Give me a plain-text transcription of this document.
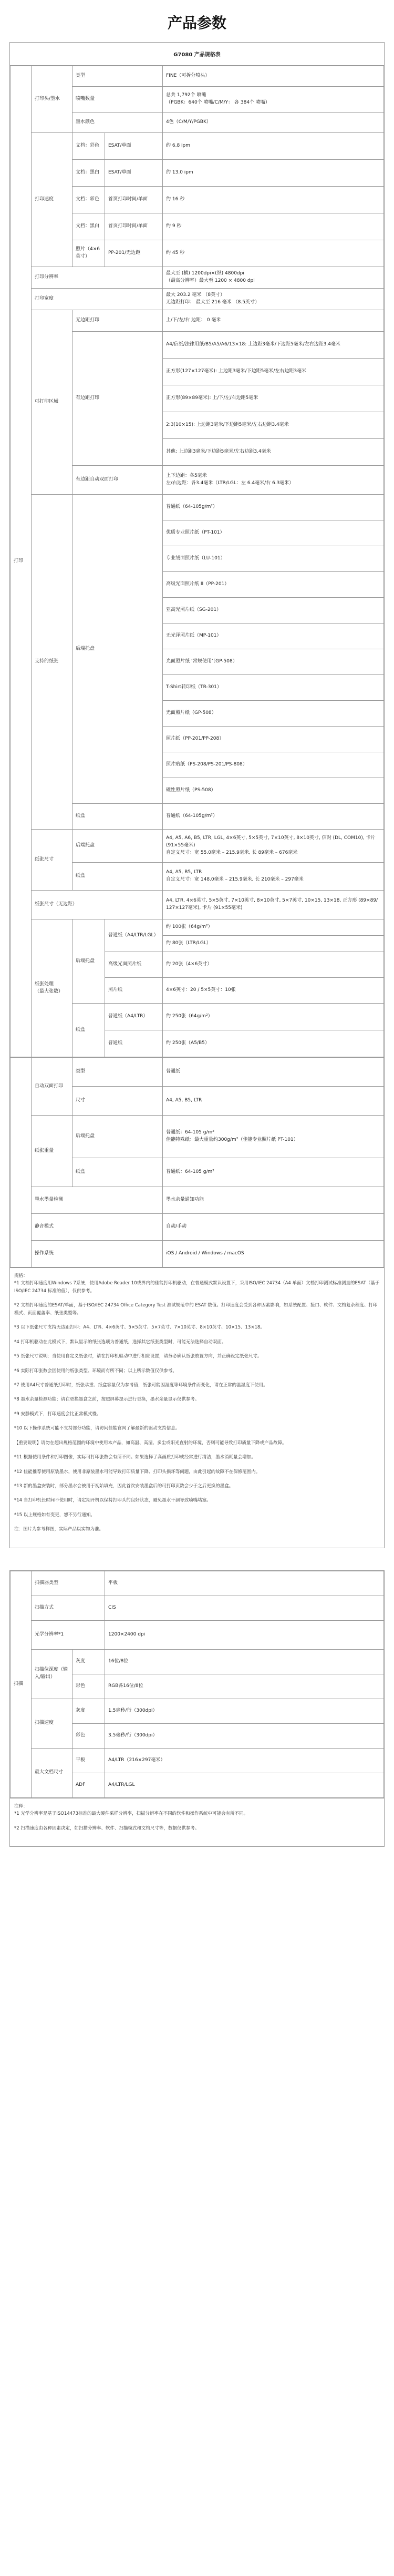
产品参数
G7080 产品规格表
打印	打印头/墨水	类型		FINE（可拆分喷头）
		喷嘴数量		总共 1,792个 喷嘴
（PGBK：640个 喷嘴/C/M/Y： 各 384个 喷嘴）
		墨水颜色		4色（C/M/Y/PGBK）
	打印速度	文档：彩色	ESAT/单面	约 6.8 ipm
		文档：黑白	ESAT/单面	约 13.0 ipm
		文档：彩色	首页打印时间/单面	约 16 秒
		文档：黑白	首页打印时间/单面	约 9 秒
		照片（4×6英寸）	PP-201/无边距	约 45 秒
	打印分辨率			最大至 (横) 1200dpi×(纵) 4800dpi
（最高分辨率）最大至 1200 × 4800 dpi
	打印宽度			最大 203.2 毫米 （8英寸）
无边距打印： 最大至 216 毫米 （8.5英寸）
	可打印区域	无边距打印		上/下/左/右 边距： 0 毫米
		有边距打印		A4/信纸/法律用纸/B5/A5/A6/13×18: 上边距3毫米/下边距5毫米/左右边距3.4毫米
				正方形(127×127毫米): 上边距3毫米/下边距5毫米/左右边距3毫米
				正方形(89×89毫米): 上/下/左/右边距5毫米
				2:3(10×15): 上边距3毫米/下边距5毫米/左右边距3.4毫米
				其他: 上边距3毫米/下边距5毫米/左右边距3.4毫米
		有边距自动双面打印		上下边距：各5毫米
左/右边距：各3.4毫米（LTR/LGL：左 6.4毫米/右 6.3毫米）
	支持的纸张	后端托盘		普通纸（64-105g/m²）
				优质专业照片纸（PT-101）
				专业绒面照片纸（LU-101）
				高级光面照片纸 II（PP-201）
				亚高光照片纸（SG-201）
				无光泽照片纸（MP-101）
				光面照片纸 ‘常规使用’（GP-508）
				T-Shirt转印纸（TR-301）
				光面照片纸（GP-508）
				照片纸（PP-201/PP-208）
				照片贴纸（PS-208/PS-201/PS-808）
				磁性照片纸（PS-508）
		纸盒		普通纸（64-105g/m²）
	纸张尺寸	后端托盘		A4, A5, A6, B5, LTR, LGL, 4×6英寸, 5×5英寸, 7×10英寸, 8×10英寸, 信封 (DL, COM10), 卡片 (91×55毫米)
自定义尺寸：宽 55.0毫米 – 215.9毫米, 长 89毫米 – 676毫米
		纸盒		A4, A5, B5, LTR
自定义尺寸：宽 148.0毫米 – 215.9毫米, 长 210毫米 – 297毫米
	纸张尺寸（无边距）			A4, LTR, 4×6英寸, 5×5英寸, 7×10英寸, 8×10英寸, 5×7英寸, 10×15, 13×18, 正方形 (89×89/127×127毫米), 卡片 (91×55毫米)
	纸张处理
（最大张数）	后端托盘	普通纸（A4/LTR/LGL）	约 100张（64g/m²）
				约 80张（LTR/LGL）
			高级光面照片纸	约 20张（4×6英寸）
			照片纸	4×6英寸：20 / 5×5英寸：10张
		纸盒	普通纸（A4/LTR）	约 250张（64g/m²）
			普通纸	约 250张（A5/B5）
	自动双面打印	类型	普通纸
		尺寸	A4, A5, B5, LTR
	纸张重量	后端托盘	普通纸：64-105 g/m²
佳能特殊纸：最大重量约300g/m²（佳能专业照片纸 PT-101）
		纸盒	普通纸：64-105 g/m²
	墨水墨量检测		墨水余量通知功能
	静音模式		自动/手动
	操作系统		iOS / Android / Windows / macOS

规格：
*1 文档打印速度用Windows 7系统，使用Adobe Reader 10或界内的佳能打印机驱动，在普通模式默认设置下，采用ISO/IEC 24734（A4 单面）文档打印测试标准测量的ESAT（基于ISO/IEC 24734 标准的值），仅供参考。

*2 文档打印速度的ESAT/单面，基于ISO/IEC 24734 Office Category Test 测试规范中的 ESAT 数值。打印速度会受到各种因素影响，如系统配置、接口、软件、文档复杂程度、打印模式、页面覆盖率、纸张类型等。

*3 以下纸张尺寸支持无边距打印：A4、LTR、4×6英寸、5×5英寸、5×7英寸、7×10英寸、8×10英寸、10×15、13×18。

*4 打印机驱动在此模式下，默认显示的纸张选项为普通纸，选择其它纸张类型时，可能无法选择自动双面。

*5 纸张尺寸说明：当使用自定义纸张时，请在打印机驱动中进行相应设置，请务必确认纸张放置方向，并正确设定纸张尺寸。

*6 实际打印张数会因使用的纸张类型、环境而有所不同；以上所示数值仅供参考。

*7 使用A4尺寸普通纸打印时，纸张承重、纸盒容量仅为参考值，纸张可能因湿度等环境条件而变化，请在正常的温湿度下使用。

*8 墨水余量检测功能：请在更换墨盒之前，按照屏幕提示进行更换，墨水余量显示仅供参考。

*9 安静模式下，打印速度会比正常模式慢。

*10 以下操作系统可能不支持部分功能，请访问佳能官网了解最新的驱动支持信息。

【重要说明】请勿在超出规格范围的环境中使用本产品，如高温、高湿、多尘或阳光直射的环境，否则可能导致打印质量下降或产品故障。

*11 根据使用条件和打印图像，实际可打印张数会有所不同。如果选择了高画质打印或经常进行清洁，墨水消耗量会增加。

*12 佳能推荐使用原装墨水，使用非原装墨水可能导致打印质量下降、打印头损坏等问题，由此引起的故障不在保修范围内。

*13 新的墨盒安装时，部分墨水会被用于初始填充，因此首次安装墨盒后的可打印页数会少于之后更换的墨盒。

*14 当打印机长时间不使用时，请定期开机以保持打印头的良好状态，避免墨水干涸导致喷嘴堵塞。

*15 以上规格如有变更，恕不另行通知。

注：图片为参考样图，实际产品以实物为准。

扫描	扫描器类型		平板
	扫描方式		CIS
	光学分辨率*1		1200×2400 dpi
	扫描位深度（输入/输出）	灰度	16位/8位
		彩色	RGB各16位/8位
	扫描速度	灰度	1.5毫秒/行（300dpi）
		彩色	3.5毫秒/行（300dpi）
	最大文档尺寸	平板	A4/LTR（216×297毫米）
		ADF	A4/LTR/LGL

注释：
*1 光学分辨率是基于ISO14473标准的最大硬件采样分辨率，扫描分辨率在不同的软件和操作系统中可能会有所不同。

*2 扫描速度由各种因素决定，如扫描分辨率、软件、扫描模式和文档尺寸等，数据仅供参考。
